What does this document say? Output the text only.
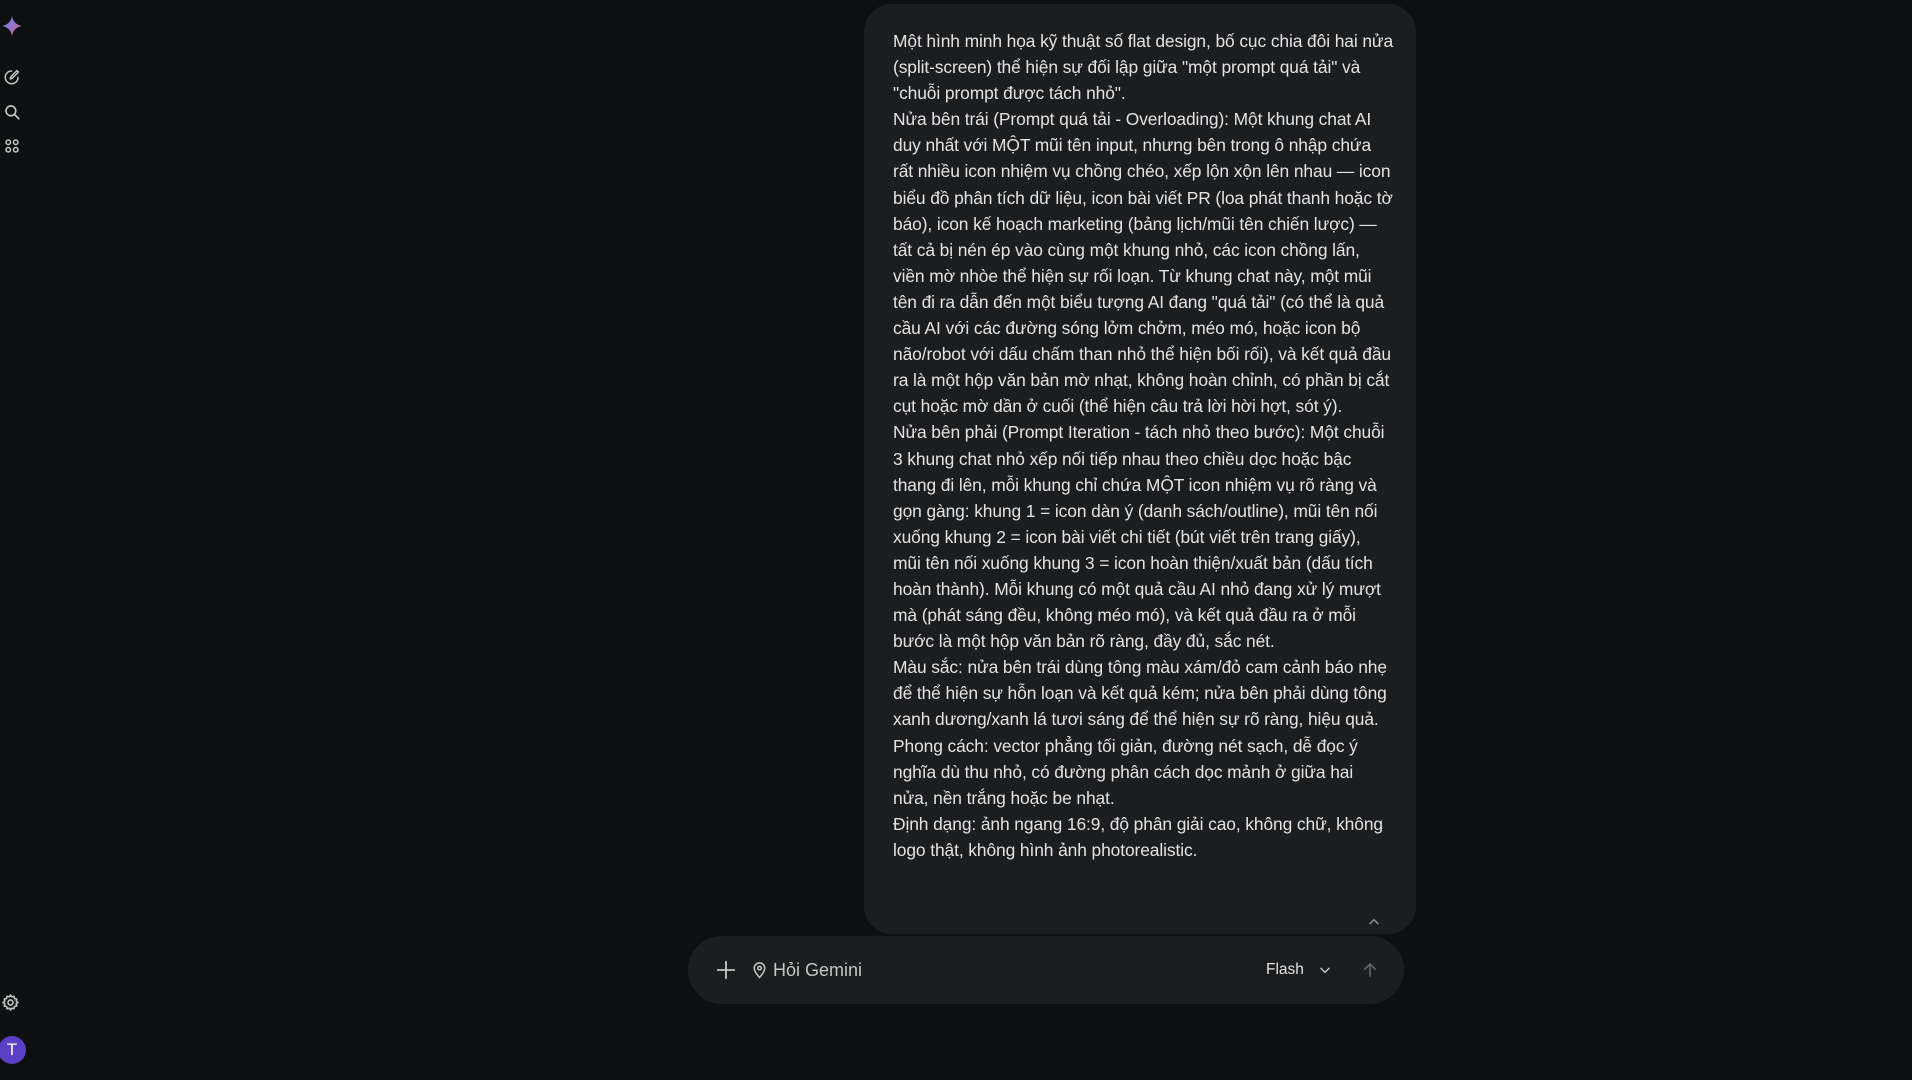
T

Một hình minh họa kỹ thuật số flat design, bố cục chia đôi hai nửa (split-screen) thể hiện sự đối lập giữa "một prompt quá tải" và "chuỗi prompt được tách nhỏ".

Nửa bên trái (Prompt quá tải - Overloading): Một khung chat AI duy nhất với MỘT mũi tên input, nhưng bên trong ô nhập chứa rất nhiều icon nhiệm vụ chồng chéo, xếp lộn xộn lên nhau — icon biểu đồ phân tích dữ liệu, icon bài viết PR (loa phát thanh hoặc tờ báo), icon kế hoạch marketing (bảng lịch/mũi tên chiến lược) — tất cả bị nén ép vào cùng một khung nhỏ, các icon chồng lấn, viền mờ nhòe thể hiện sự rối loạn. Từ khung chat này, một mũi tên đi ra dẫn đến một biểu tượng AI đang "quá tải" (có thể là quả cầu AI với các đường sóng lởm chởm, méo mó, hoặc icon bộ não/robot với dấu chấm than nhỏ thể hiện bối rối), và kết quả đầu ra là một hộp văn bản mờ nhạt, không hoàn chỉnh, có phần bị cắt cụt hoặc mờ dần ở cuối (thể hiện câu trả lời hời hợt, sót ý).

Nửa bên phải (Prompt Iteration - tách nhỏ theo bước): Một chuỗi 3 khung chat nhỏ xếp nối tiếp nhau theo chiều dọc hoặc bậc thang đi lên, mỗi khung chỉ chứa MỘT icon nhiệm vụ rõ ràng và gọn gàng: khung 1 = icon dàn ý (danh sách/outline), mũi tên nối xuống khung 2 = icon bài viết chi tiết (bút viết trên trang giấy), mũi tên nối xuống khung 3 = icon hoàn thiện/xuất bản (dấu tích hoàn thành). Mỗi khung có một quả cầu AI nhỏ đang xử lý mượt mà (phát sáng đều, không méo mó), và kết quả đầu ra ở mỗi bước là một hộp văn bản rõ ràng, đầy đủ, sắc nét.

Màu sắc: nửa bên trái dùng tông màu xám/đỏ cam cảnh báo nhẹ để thể hiện sự hỗn loạn và kết quả kém; nửa bên phải dùng tông xanh dương/xanh lá tươi sáng để thể hiện sự rõ ràng, hiệu quả.

Phong cách: vector phẳng tối giản, đường nét sạch, dễ đọc ý nghĩa dù thu nhỏ, có đường phân cách dọc mảnh ở giữa hai nửa, nền trắng hoặc be nhạt.

Định dạng: ảnh ngang 16:9, độ phân giải cao, không chữ, không logo thật, không hình ảnh photorealistic.

Hỏi Gemini
Flash
